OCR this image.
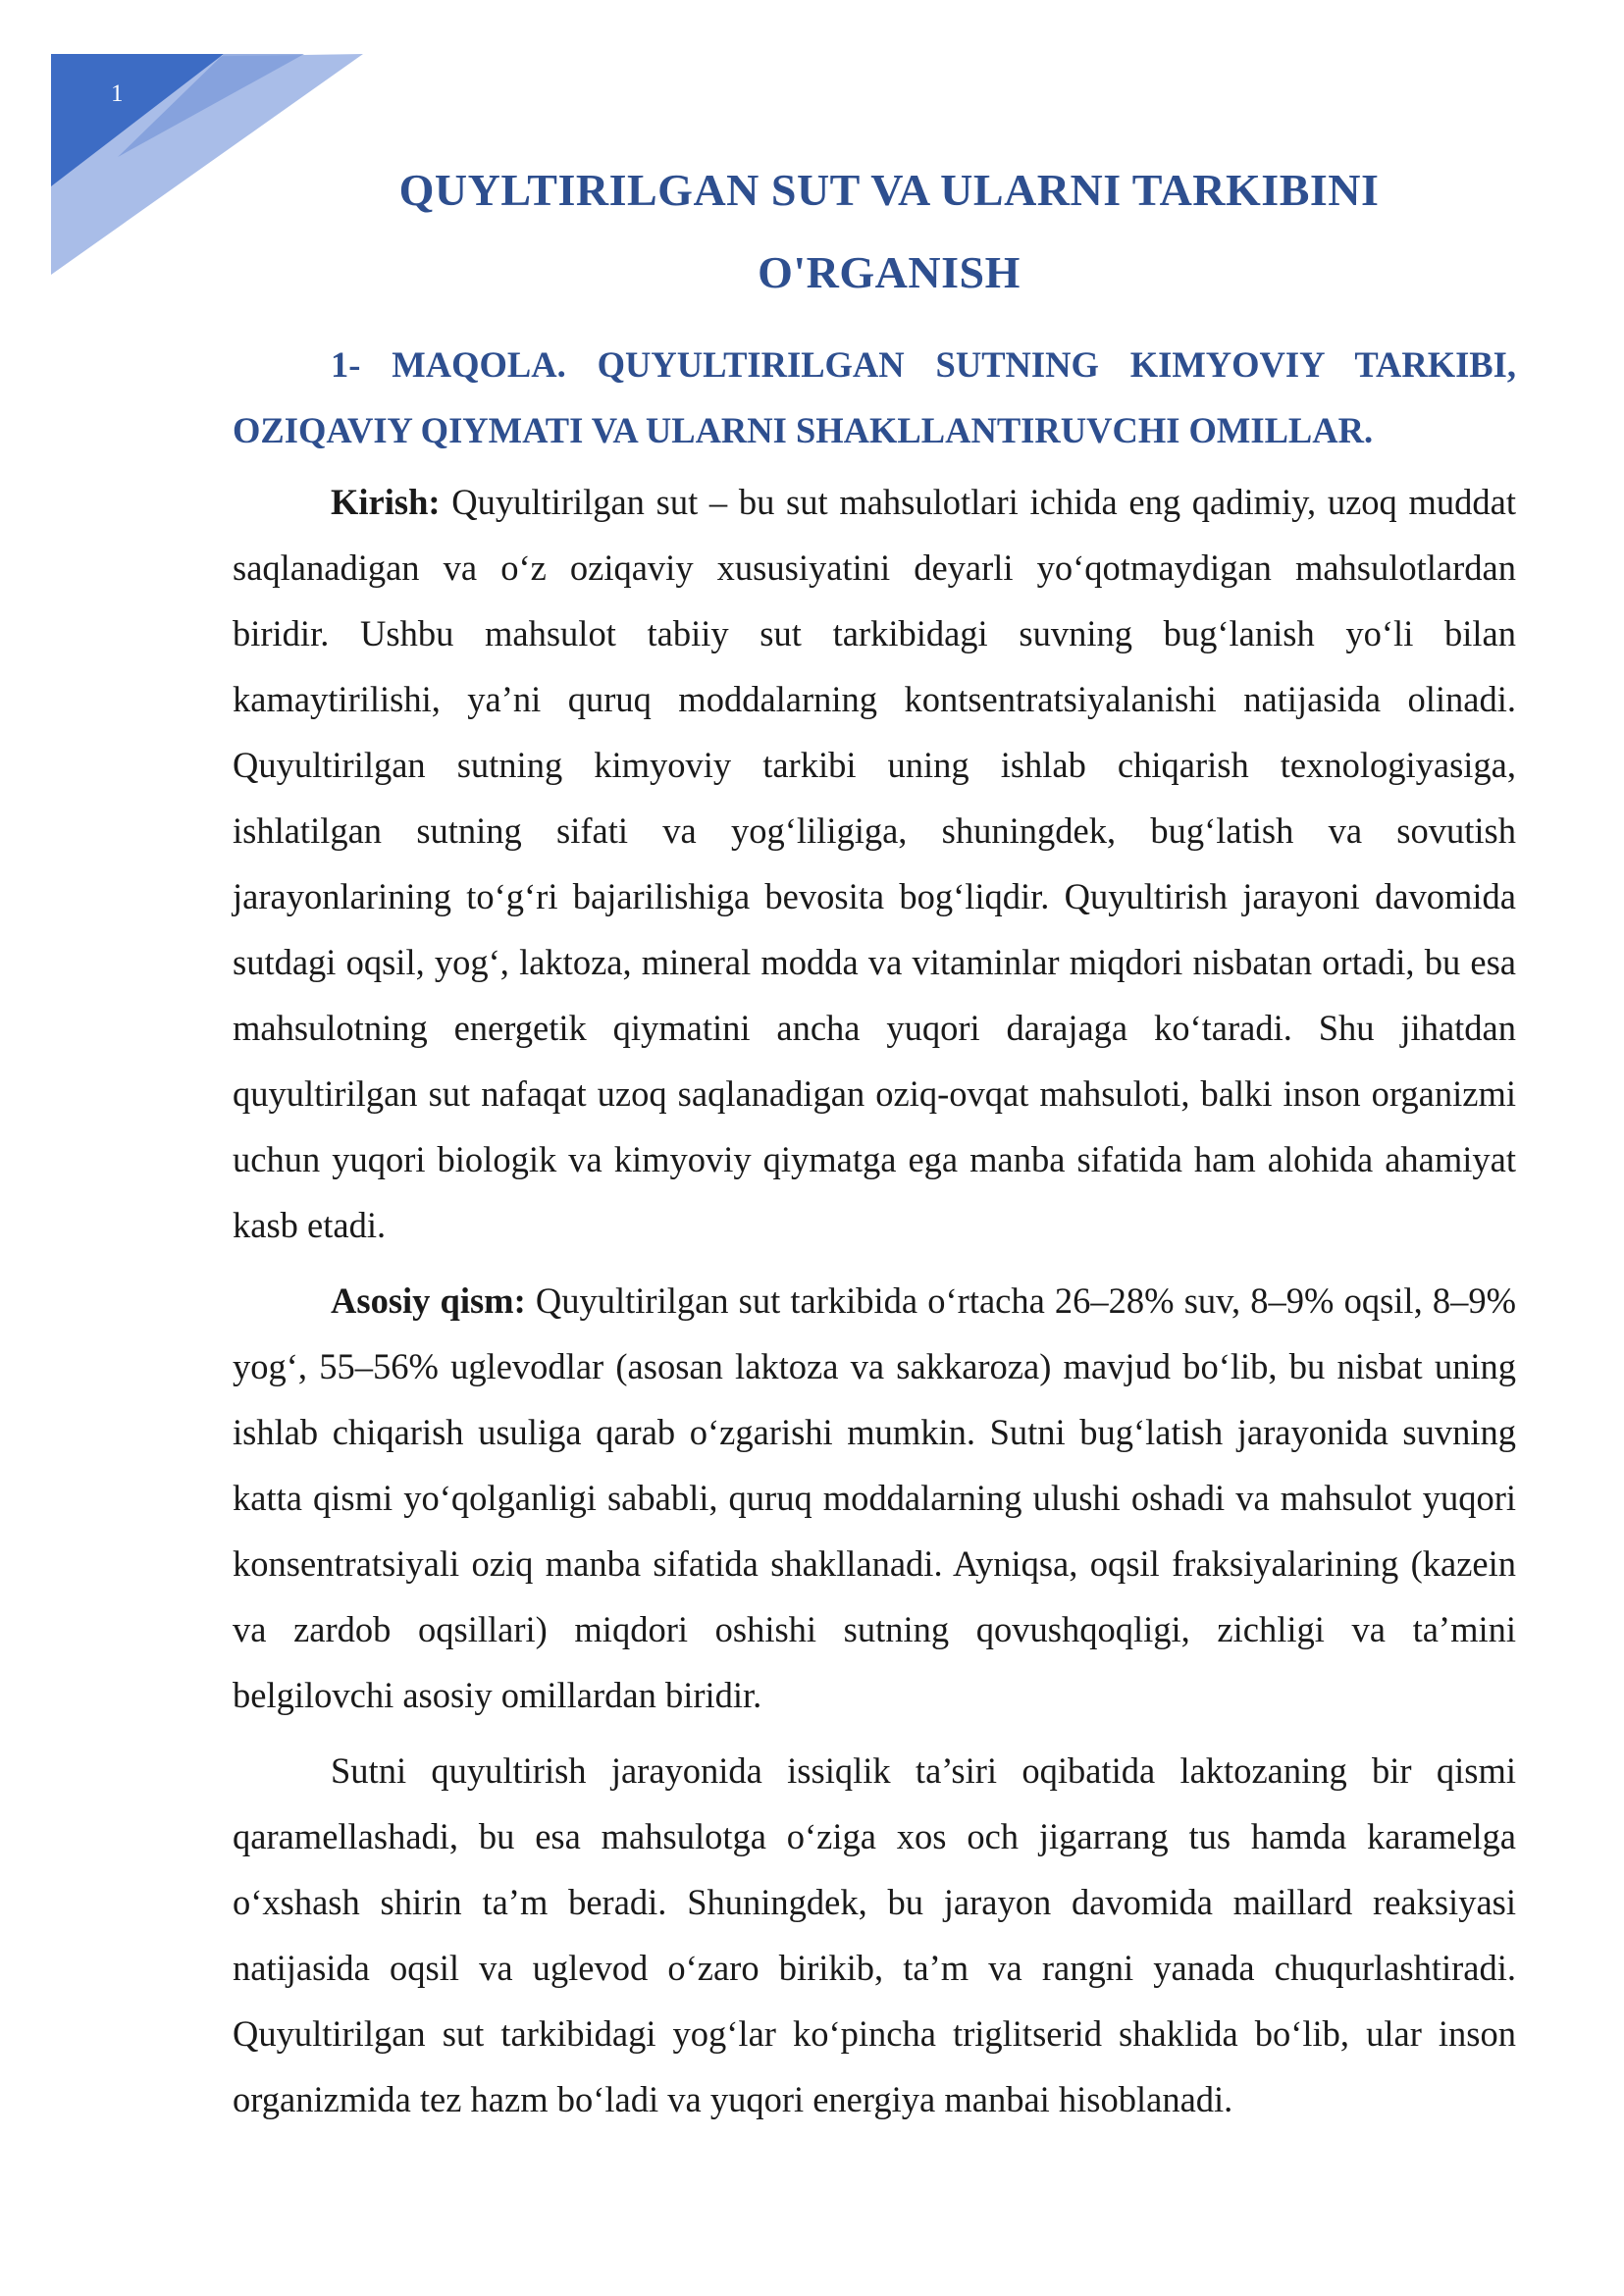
1
QUYLTIRILGAN SUT VA ULARNI TARKIBINI
O'RGANISH
1- MAQOLA. QUYULTIRILGAN SUTNING KIMYOVIY TARKIBI, OZIQAVIY QIYMATI VA ULARNI SHAKLLANTIRUVCHI OMILLAR.

Kirish: Quyultirilgan sut – bu sut mahsulotlari ichida eng qadimiy, uzoq muddat saqlanadigan va o‘z oziqaviy xususiyatini deyarli yo‘qotmaydigan mahsulotlardan biridir. Ushbu mahsulot tabiiy sut tarkibidagi suvning bug‘lanish yo‘li bilan kamaytirilishi, ya’ni quruq moddalarning kontsentratsiyalanishi natijasida olinadi. Quyultirilgan sutning kimyoviy tarkibi uning ishlab chiqarish texnologiyasiga, ishlatilgan sutning sifati va yog‘liligiga, shuningdek, bug‘latish va sovutish jarayonlarining to‘g‘ri bajarilishiga bevosita bog‘liqdir. Quyultirish jarayoni davomida sutdagi oqsil, yog‘, laktoza, mineral modda va vitaminlar miqdori nisbatan ortadi, bu esa mahsulotning energetik qiymatini ancha yuqori darajaga ko‘taradi. Shu jihatdan quyultirilgan sut nafaqat uzoq saqlanadigan oziq-ovqat mahsuloti, balki inson organizmi uchun yuqori biologik va kimyoviy qiymatga ega manba sifatida ham alohida ahamiyat kasb etadi.

Asosiy qism: Quyultirilgan sut tarkibida o‘rtacha 26–28% suv, 8–9% oqsil, 8–9% yog‘, 55–56% uglevodlar (asosan laktoza va sakkaroza) mavjud bo‘lib, bu nisbat uning ishlab chiqarish usuliga qarab o‘zgarishi mumkin. Sutni bug‘latish jarayonida suvning katta qismi yo‘qolganligi sababli, quruq moddalarning ulushi oshadi va mahsulot yuqori konsentratsiyali oziq manba sifatida shakllanadi. Ayniqsa, oqsil fraksiyalarining (kazein va zardob oqsillari) miqdori oshishi sutning qovushqoqligi, zichligi va ta’mini belgilovchi asosiy omillardan biridir.

Sutni quyultirish jarayonida issiqlik ta’siri oqibatida laktozaning bir qismi qaramellashadi, bu esa mahsulotga o‘ziga xos och jigarrang tus hamda karamelga o‘xshash shirin ta’m beradi. Shuningdek, bu jarayon davomida maillard reaksiyasi natijasida oqsil va uglevod o‘zaro birikib, ta’m va rangni yanada chuqurlashtiradi. Quyultirilgan sut tarkibidagi yog‘lar ko‘pincha triglitserid shaklida bo‘lib, ular inson organizmida tez hazm bo‘ladi va yuqori energiya manbai hisoblanadi.
